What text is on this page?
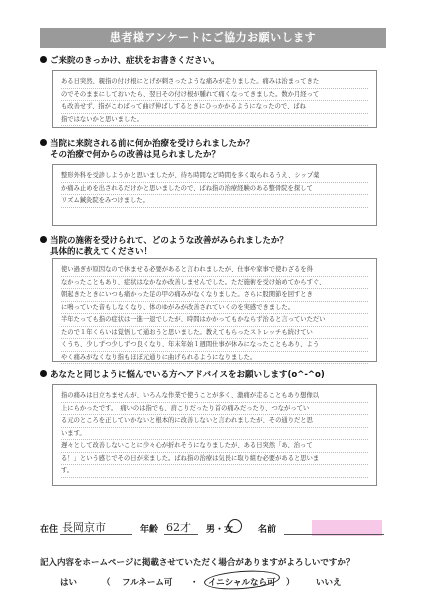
患者様アンケートにご協力お願いします
ご来院のきっかけ、症状をお書きください。
ある日突然、親指の付け根にとげが刺さったような痛みが走りました。痛みは治まってきた
のでそのままにしておいたら、翌日その付け根が腫れて痛くなってきました。数か月経って
も改善せず、指がこわばって曲げ伸ばしするときにひっかかるようになったので、ばね
指ではないかと思いました。
当院に来院される前に何か治療を受けられましたか？
その治療で何からの改善は見られましたか？
整形外科を受診しようかと思いましたが、待ち時間など時間を多く取られるうえ、シップ薬
か痛み止めを出されるだけかと思いましたので、ばね指の治療経験のある整骨院を探して
リズム鍼灸院をみつけました。
当院の施術を受けられて、どのような改善がみられましたか？
具体的に教えてください！
使い過ぎが原因なので休ませる必要があると言われましたが、仕事や家事で使わざるを得
なかったこともあり、症状はなかなか改善しませんでした。ただ施術を受け始めてからすぐ、
朝起きたときにいつも痛かった足の甲の痛みがなくなりました。さらに股関節を回すとき
に鳴っていた音もしなくなり、体のゆがみが改善されていくのを実感できました。
半年たっても指の症状は一進一退でしたが、時間はかかってもかならず治ると言っていただい
たので１年くらいは覚悟して通おうと思いました。教えてもらったストレッチも続けてい
くうち、少しずつ少しずつ良くなり、年末年始１週間仕事が休みになったこともあり、よう
やく痛みがなくなり指もほぼ元通りに曲げられるようになりました。
あなたと同じように悩んでいる方へアドバイスをお願いします(o^-^o)
指の痛みは日立ちませんが、いろんな作業で使うことが多く、激痛が走ることもあり想像以
上にらかったです。　痛いのは指でも、肩こりだったり首の痛みだったり、つながってい
る元のところを正していかないと根本的に改善しないと言われましたが、その通りだと思
います。
遅々として改善しないことに少々心が折れそうになりましたが、ある日突然「あ、治って
る！」という感じでその日が来ました。ばね指の治療は気長に取り組む必要があると思いま
す。
在住 長岡京市	年齢 62才 男・女	名前
記入内容をホームページに掲載させていただく場合がありますがよろしいですか？
はい	（ フルネーム可 ・ イニシャルなら可 ）	いいえ
